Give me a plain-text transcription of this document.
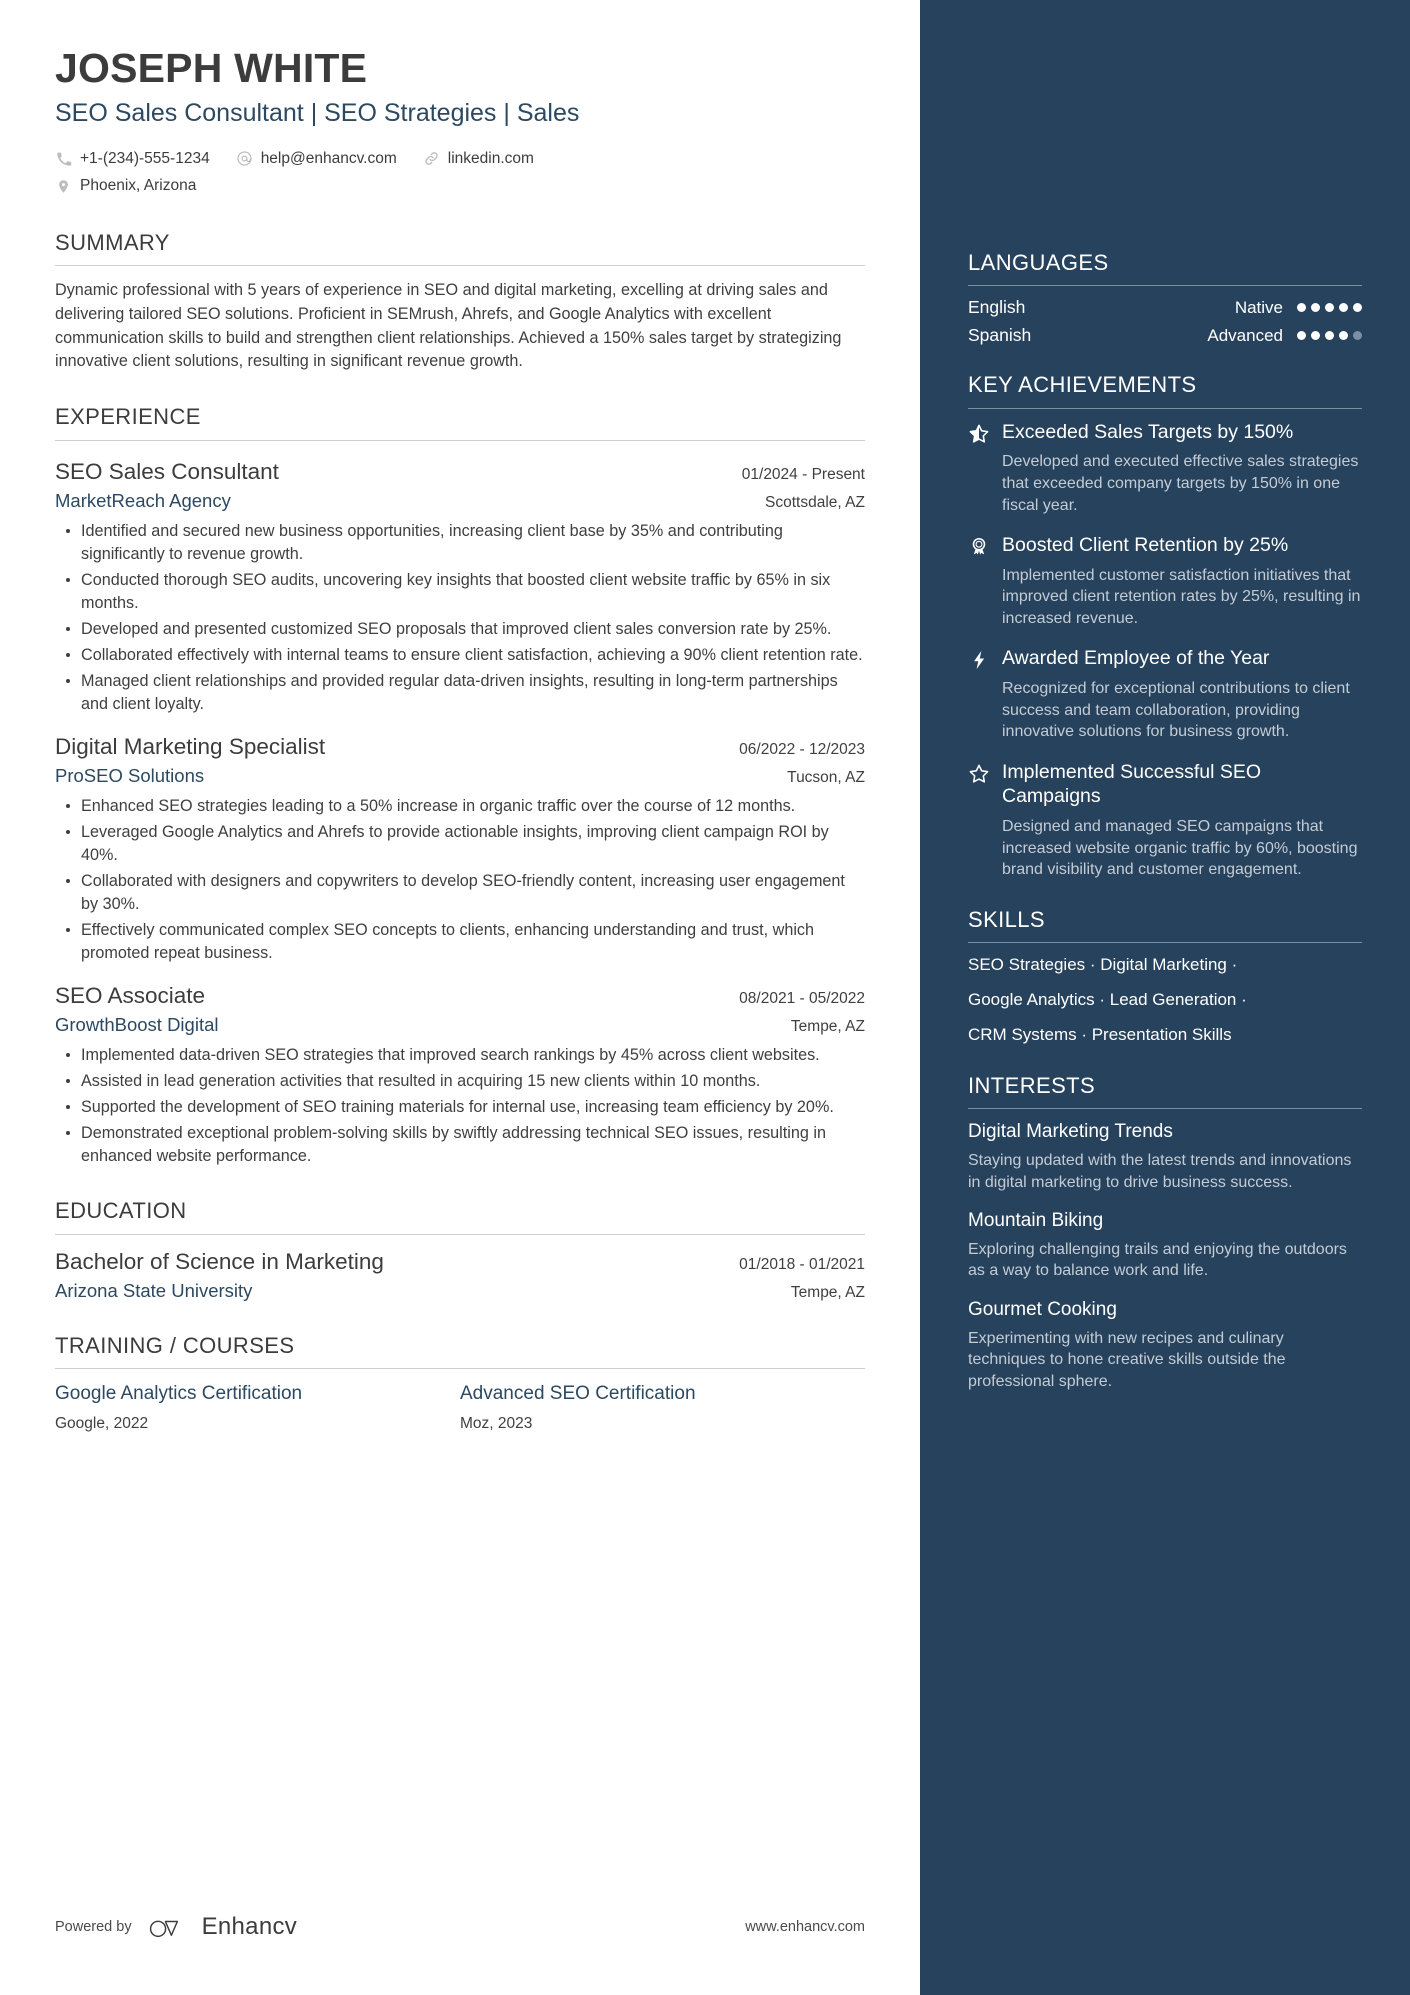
JOSEPH WHITE
SEO Sales Consultant | SEO Strategies | Sales
+1-(234)-555-1234	help@enhancv.com	linkedin.com
Phoenix, Arizona
SUMMARY
Dynamic professional with 5 years of experience in SEO and digital marketing, excelling at driving sales and delivering tailored SEO solutions. Proficient in SEMrush, Ahrefs, and Google Analytics with excellent communication skills to build and strengthen client relationships. Achieved a 150% sales target by strategizing innovative client solutions, resulting in significant revenue growth.
EXPERIENCE
SEO Sales Consultant	01/2024 - Present
MarketReach Agency	Scottsdale, AZ
Identified and secured new business opportunities, increasing client base by 35% and contributing significantly to revenue growth.
Conducted thorough SEO audits, uncovering key insights that boosted client website traffic by 65% in six months.
Developed and presented customized SEO proposals that improved client sales conversion rate by 25%.
Collaborated effectively with internal teams to ensure client satisfaction, achieving a 90% client retention rate.
Managed client relationships and provided regular data-driven insights, resulting in long-term partnerships and client loyalty.
Digital Marketing Specialist	06/2022 - 12/2023
ProSEO Solutions	Tucson, AZ
Enhanced SEO strategies leading to a 50% increase in organic traffic over the course of 12 months.
Leveraged Google Analytics and Ahrefs to provide actionable insights, improving client campaign ROI by 40%.
Collaborated with designers and copywriters to develop SEO-friendly content, increasing user engagement by 30%.
Effectively communicated complex SEO concepts to clients, enhancing understanding and trust, which promoted repeat business.
SEO Associate	08/2021 - 05/2022
GrowthBoost Digital	Tempe, AZ
Implemented data-driven SEO strategies that improved search rankings by 45% across client websites.
Assisted in lead generation activities that resulted in acquiring 15 new clients within 10 months.
Supported the development of SEO training materials for internal use, increasing team efficiency by 20%.
Demonstrated exceptional problem-solving skills by swiftly addressing technical SEO issues, resulting in enhanced website performance.
EDUCATION
Bachelor of Science in Marketing	01/2018 - 01/2021
Arizona State University	Tempe, AZ
TRAINING / COURSES
Google Analytics Certification
Google, 2022
Advanced SEO Certification
Moz, 2023
Powered by	Enhancv	www.enhancv.com
LANGUAGES
English	Native
Spanish	Advanced
KEY ACHIEVEMENTS
Exceeded Sales Targets by 150%
Developed and executed effective sales strategies that exceeded company targets by 150% in one fiscal year.
Boosted Client Retention by 25%
Implemented customer satisfaction initiatives that improved client retention rates by 25%, resulting in increased revenue.
Awarded Employee of the Year
Recognized for exceptional contributions to client success and team collaboration, providing innovative solutions for business growth.
Implemented Successful SEO Campaigns
Designed and managed SEO campaigns that increased website organic traffic by 60%, boosting brand visibility and customer engagement.
SKILLS
SEO Strategies · Digital Marketing ·
Google Analytics · Lead Generation ·
CRM Systems · Presentation Skills
INTERESTS
Digital Marketing Trends
Staying updated with the latest trends and innovations in digital marketing to drive business success.
Mountain Biking
Exploring challenging trails and enjoying the outdoors as a way to balance work and life.
Gourmet Cooking
Experimenting with new recipes and culinary techniques to hone creative skills outside the professional sphere.
